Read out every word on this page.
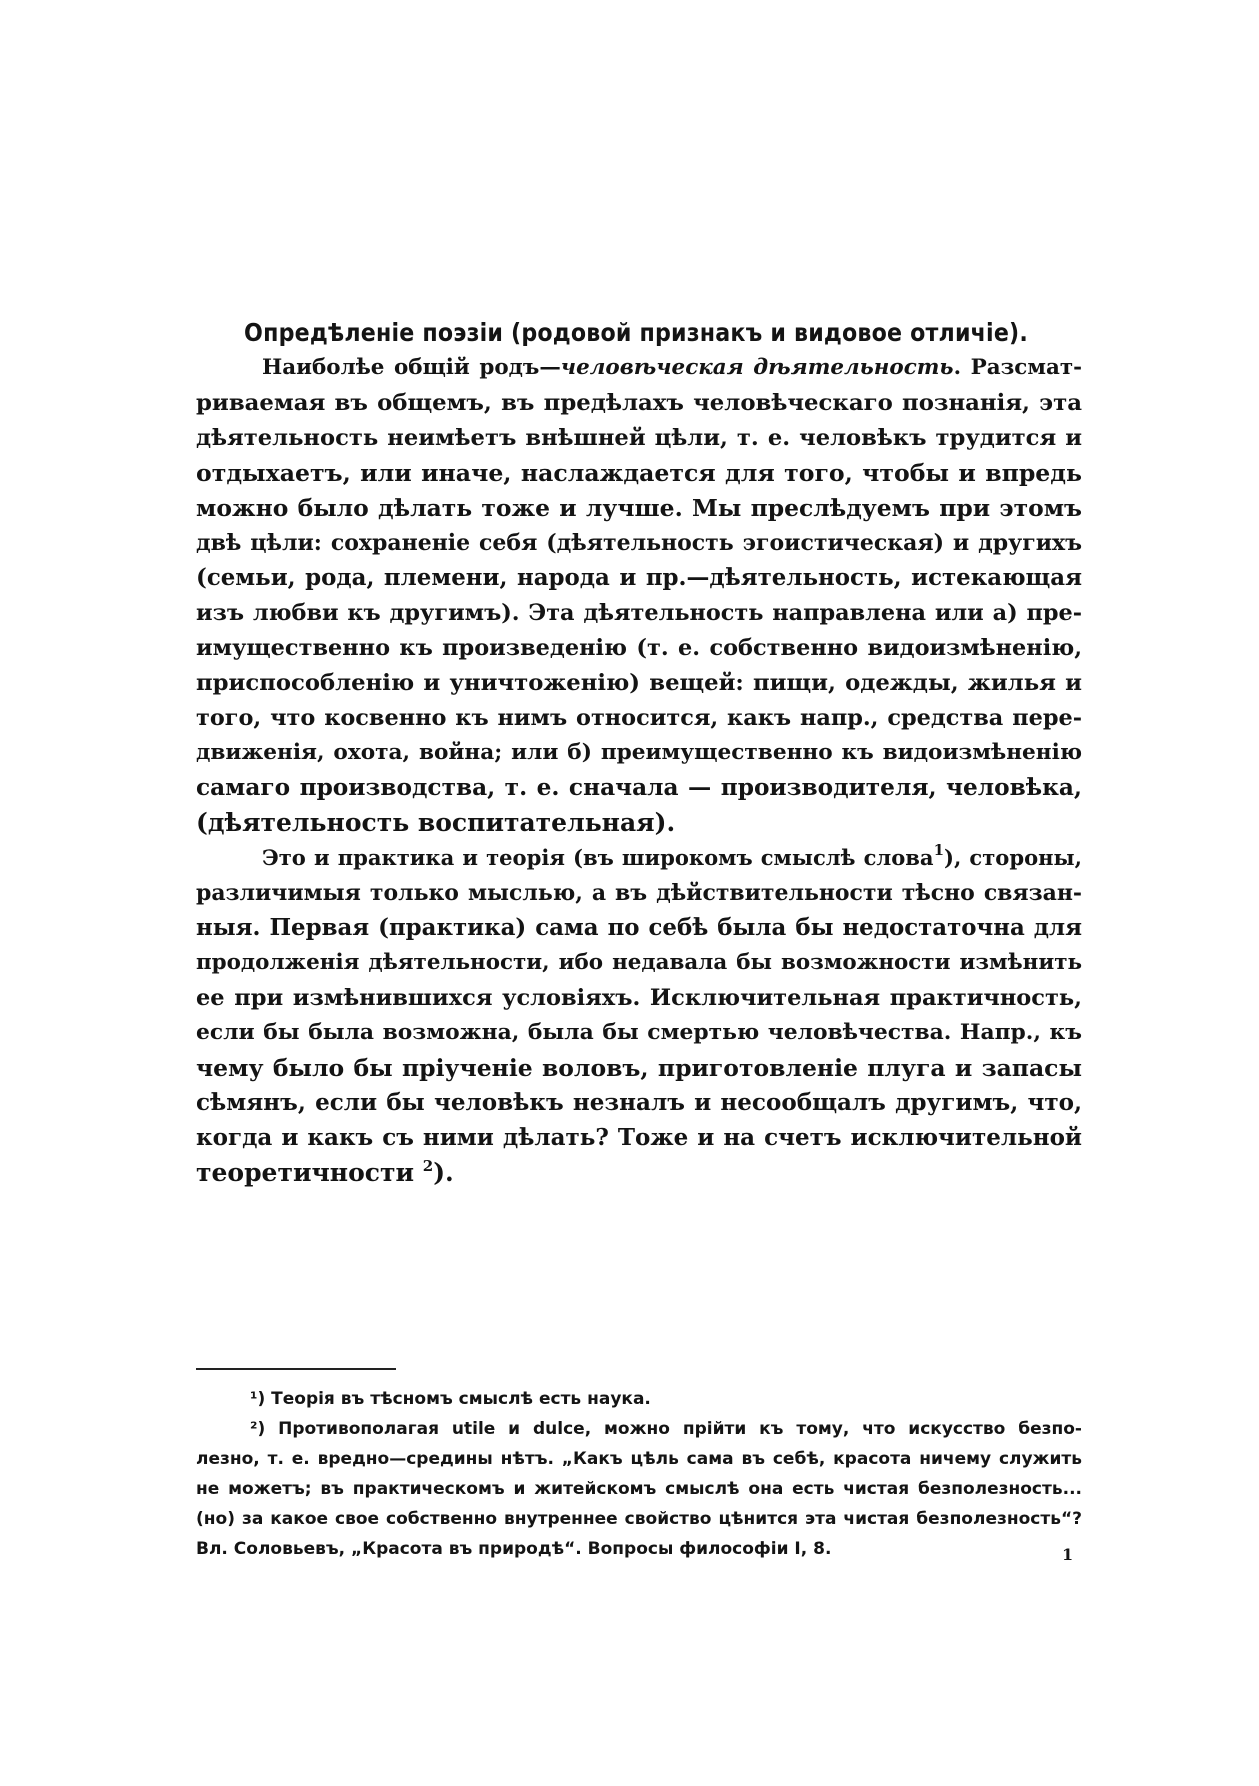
Опредѣленіе поэзіи (родовой признакъ и видовое отличіе).
Наиболѣе общій родъ—человѣческая дѣятельность. Разсмат-
риваемая въ общемъ, въ предѣлахъ человѣческаго познанія, эта
дѣятельность неимѣетъ внѣшней цѣли, т. е. человѣкъ трудится и
отдыхаетъ, или иначе, наслаждается для того, чтобы и впредь
можно было дѣлать тоже и лучше. Мы преслѣдуемъ при этомъ
двѣ цѣли: сохраненіе себя (дѣятельность эгоистическая) и другихъ
(семьи, рода, племени, народа и пр.—дѣятельность, истекающая
изъ любви къ другимъ). Эта дѣятельность направлена или а) пре-
имущественно къ произведенію (т. е. собственно видоизмѣненію,
приспособленію и уничтоженію) вещей: пищи, одежды, жилья и
того, что косвенно къ нимъ относится, какъ напр., средства пере-
движенія, охота, война; или б) преимущественно къ видоизмѣненію
самаго производства, т. е. сначала — производителя, человѣка,
(дѣятельность воспитательная).
Это и практика и теорія (въ широкомъ смыслѣ слова$^1$), стороны,
различимыя только мыслью, а въ дѣйствительности тѣсно связан-
ныя. Первая (практика) сама по себѣ была бы недостаточна для
продолженія дѣятельности, ибо недавала бы возможности измѣнить
ее при измѣнившихся условіяхъ. Исключительная практичность,
если бы была возможна, была бы смертью человѣчества. Напр., къ
чему было бы пріученіе воловъ, приготовленіе плуга и запасы
сѣмянъ, если бы человѣкъ незналъ и несообщалъ другимъ, что,
когда и какъ съ ними дѣлать? Тоже и на счетъ исключительной
теоретичности $^2$).
¹) Теорія въ тѣсномъ смыслѣ есть наука.
²) Противополагая utile и dulce, можно прійти къ тому, что искусство безпо-
лезно, т. е. вредно—средины нѣтъ. „Какъ цѣль сама въ себѣ, красота ничему служить
не можетъ; въ практическомъ и житейскомъ смыслѣ она есть чистая безполезность...
(но) за какое свое собственно внутреннее свойство цѣнится эта чистая безполезность“?
Вл. Соловьевъ, „Красота въ природѣ“. Вопросы философіи I, 8.	1
